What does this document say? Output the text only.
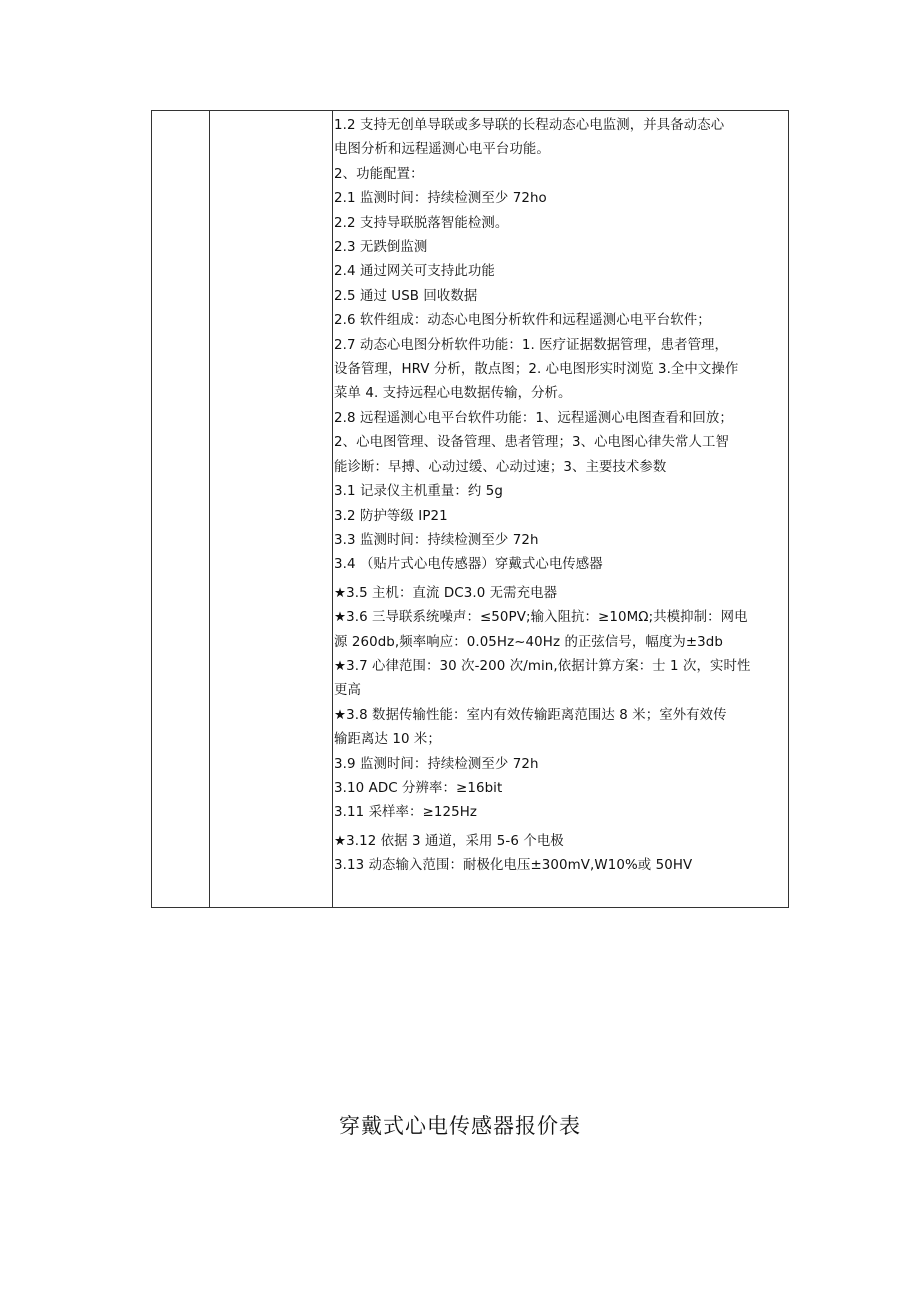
1.2 支持无创单导联或多导联的长程动态心电监测，并具备动态心
电图分析和远程遥测心电平台功能。
2、功能配置：
2.1 监测时间：持续检测至少 72ho
2.2 支持导联脱落智能检测。
2.3 无跌倒监测
2.4 通过网关可支持此功能
2.5 通过 USB 回收数据
2.6 软件组成：动态心电图分析软件和远程遥测心电平台软件；
2.7 动态心电图分析软件功能：1. 医疗证据数据管理，患者管理，
设备管理，HRV 分析，散点图；2. 心电图形实时浏览 3.全中文操作
菜单 4. 支持远程心电数据传输，分析。
2.8 远程遥测心电平台软件功能：1、远程遥测心电图查看和回放；
2、心电图管理、设备管理、患者管理；3、心电图心律失常人工智
能诊断：早搏、心动过缓、心动过速；3、主要技术参数
3.1 记录仪主机重量：约 5g
3.2 防护等级 IP21
3.3 监测时间：持续检测至少 72h
3.4 （贴片式心电传感器）穿戴式心电传感器
★3.5 主机：直流 DC3.0 无需充电器
★3.6 三导联系统噪声：≤50PV;输入阻抗：≥10MΩ;共模抑制：网电
源 260db,频率响应：0.05Hz~40Hz 的正弦信号，幅度为±3db
★3.7 心律范围：30 次-200 次/min,依据计算方案：士 1 次，实时性
更高
★3.8 数据传输性能：室内有效传输距离范围达 8 米；室外有效传
输距离达 10 米；
3.9 监测时间：持续检测至少 72h
3.10 ADC 分辨率：≥16bit
3.11 采样率：≥125Hz
★3.12 依据 3 通道，采用 5-6 个电极
3.13 动态输入范围：耐极化电压±300mV,W10%或 50HV
穿戴式心电传感器报价表
